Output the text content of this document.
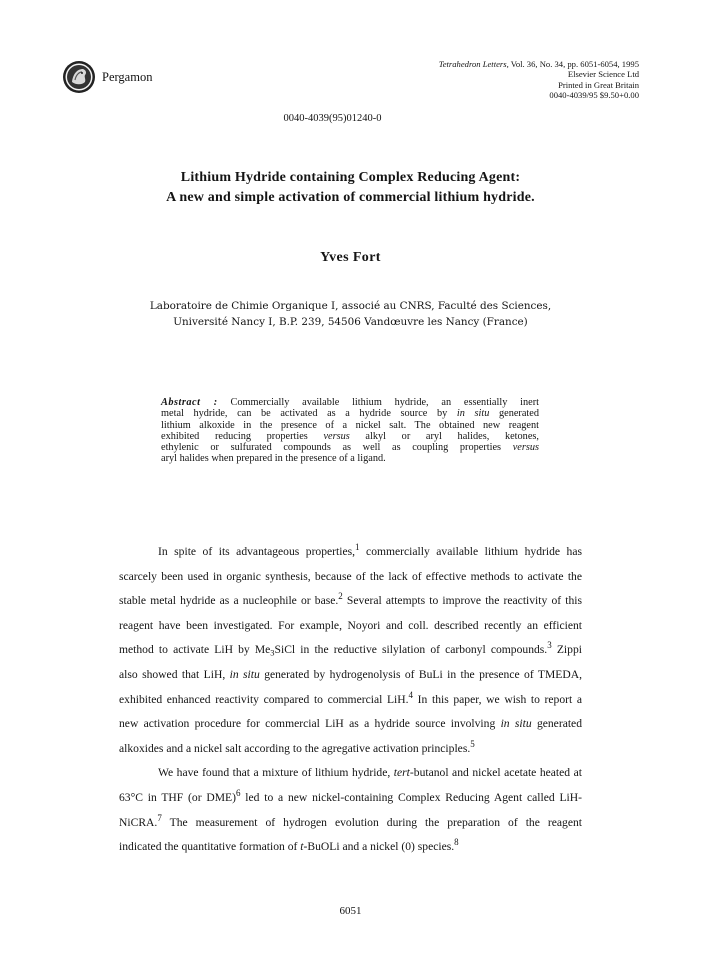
Pergamon
Tetrahedron Letters, Vol. 36, No. 34, pp. 6051-6054, 1995
Elsevier Science Ltd
Printed in Great Britain
0040-4039/95 $9.50+0.00
0040-4039(95)01240-0
Lithium Hydride containing Complex Reducing Agent:
A new and simple activation of commercial lithium hydride.
Yves Fort
Laboratoire de Chimie Organique I, associé au CNRS, Faculté des Sciences,
Université Nancy I, B.P. 239, 54506 Vandœuvre les Nancy (France)
Abstract : Commercially available lithium hydride, an essentially inert
metal hydride, can be activated as a hydride source by in situ generated
lithium alkoxide in the presence of a nickel salt. The obtained new reagent
exhibited reducing properties versus alkyl or aryl halides, ketones,
ethylenic or sulfurated compounds as well as coupling properties versus
aryl halides when prepared in the presence of a ligand.
In spite of its advantageous properties,$^1$ commercially available lithium hydride has
scarcely been used in organic synthesis, because of the lack of effective methods to activate the
stable metal hydride as a nucleophile or base.$^2$ Several attempts to improve the reactivity of this
reagent have been investigated. For example, Noyori and coll. described recently an efficient
method to activate LiH by $Me_3SiCl$ in the reductive silylation of carbonyl compounds.$^3$ Zippi
also showed that LiH, in situ generated by hydrogenolysis of BuLi in the presence of TMEDA,
exhibited enhanced reactivity compared to commercial LiH.$^4$ In this paper, we wish to report a
new activation procedure for commercial LiH as a hydride source involving in situ generated
alkoxides and a nickel salt according to the agregative activation principles.$^5$
We have found that a mixture of lithium hydride, tert-butanol and nickel acetate heated at
63°C in THF (or DME)$^6$ led to a new nickel-containing Complex Reducing Agent called LiH-
NiCRA.$^7$ The measurement of hydrogen evolution during the preparation of the reagent
indicated the quantitative formation of t-BuOLi and a nickel (0) species.$^8$
6051
